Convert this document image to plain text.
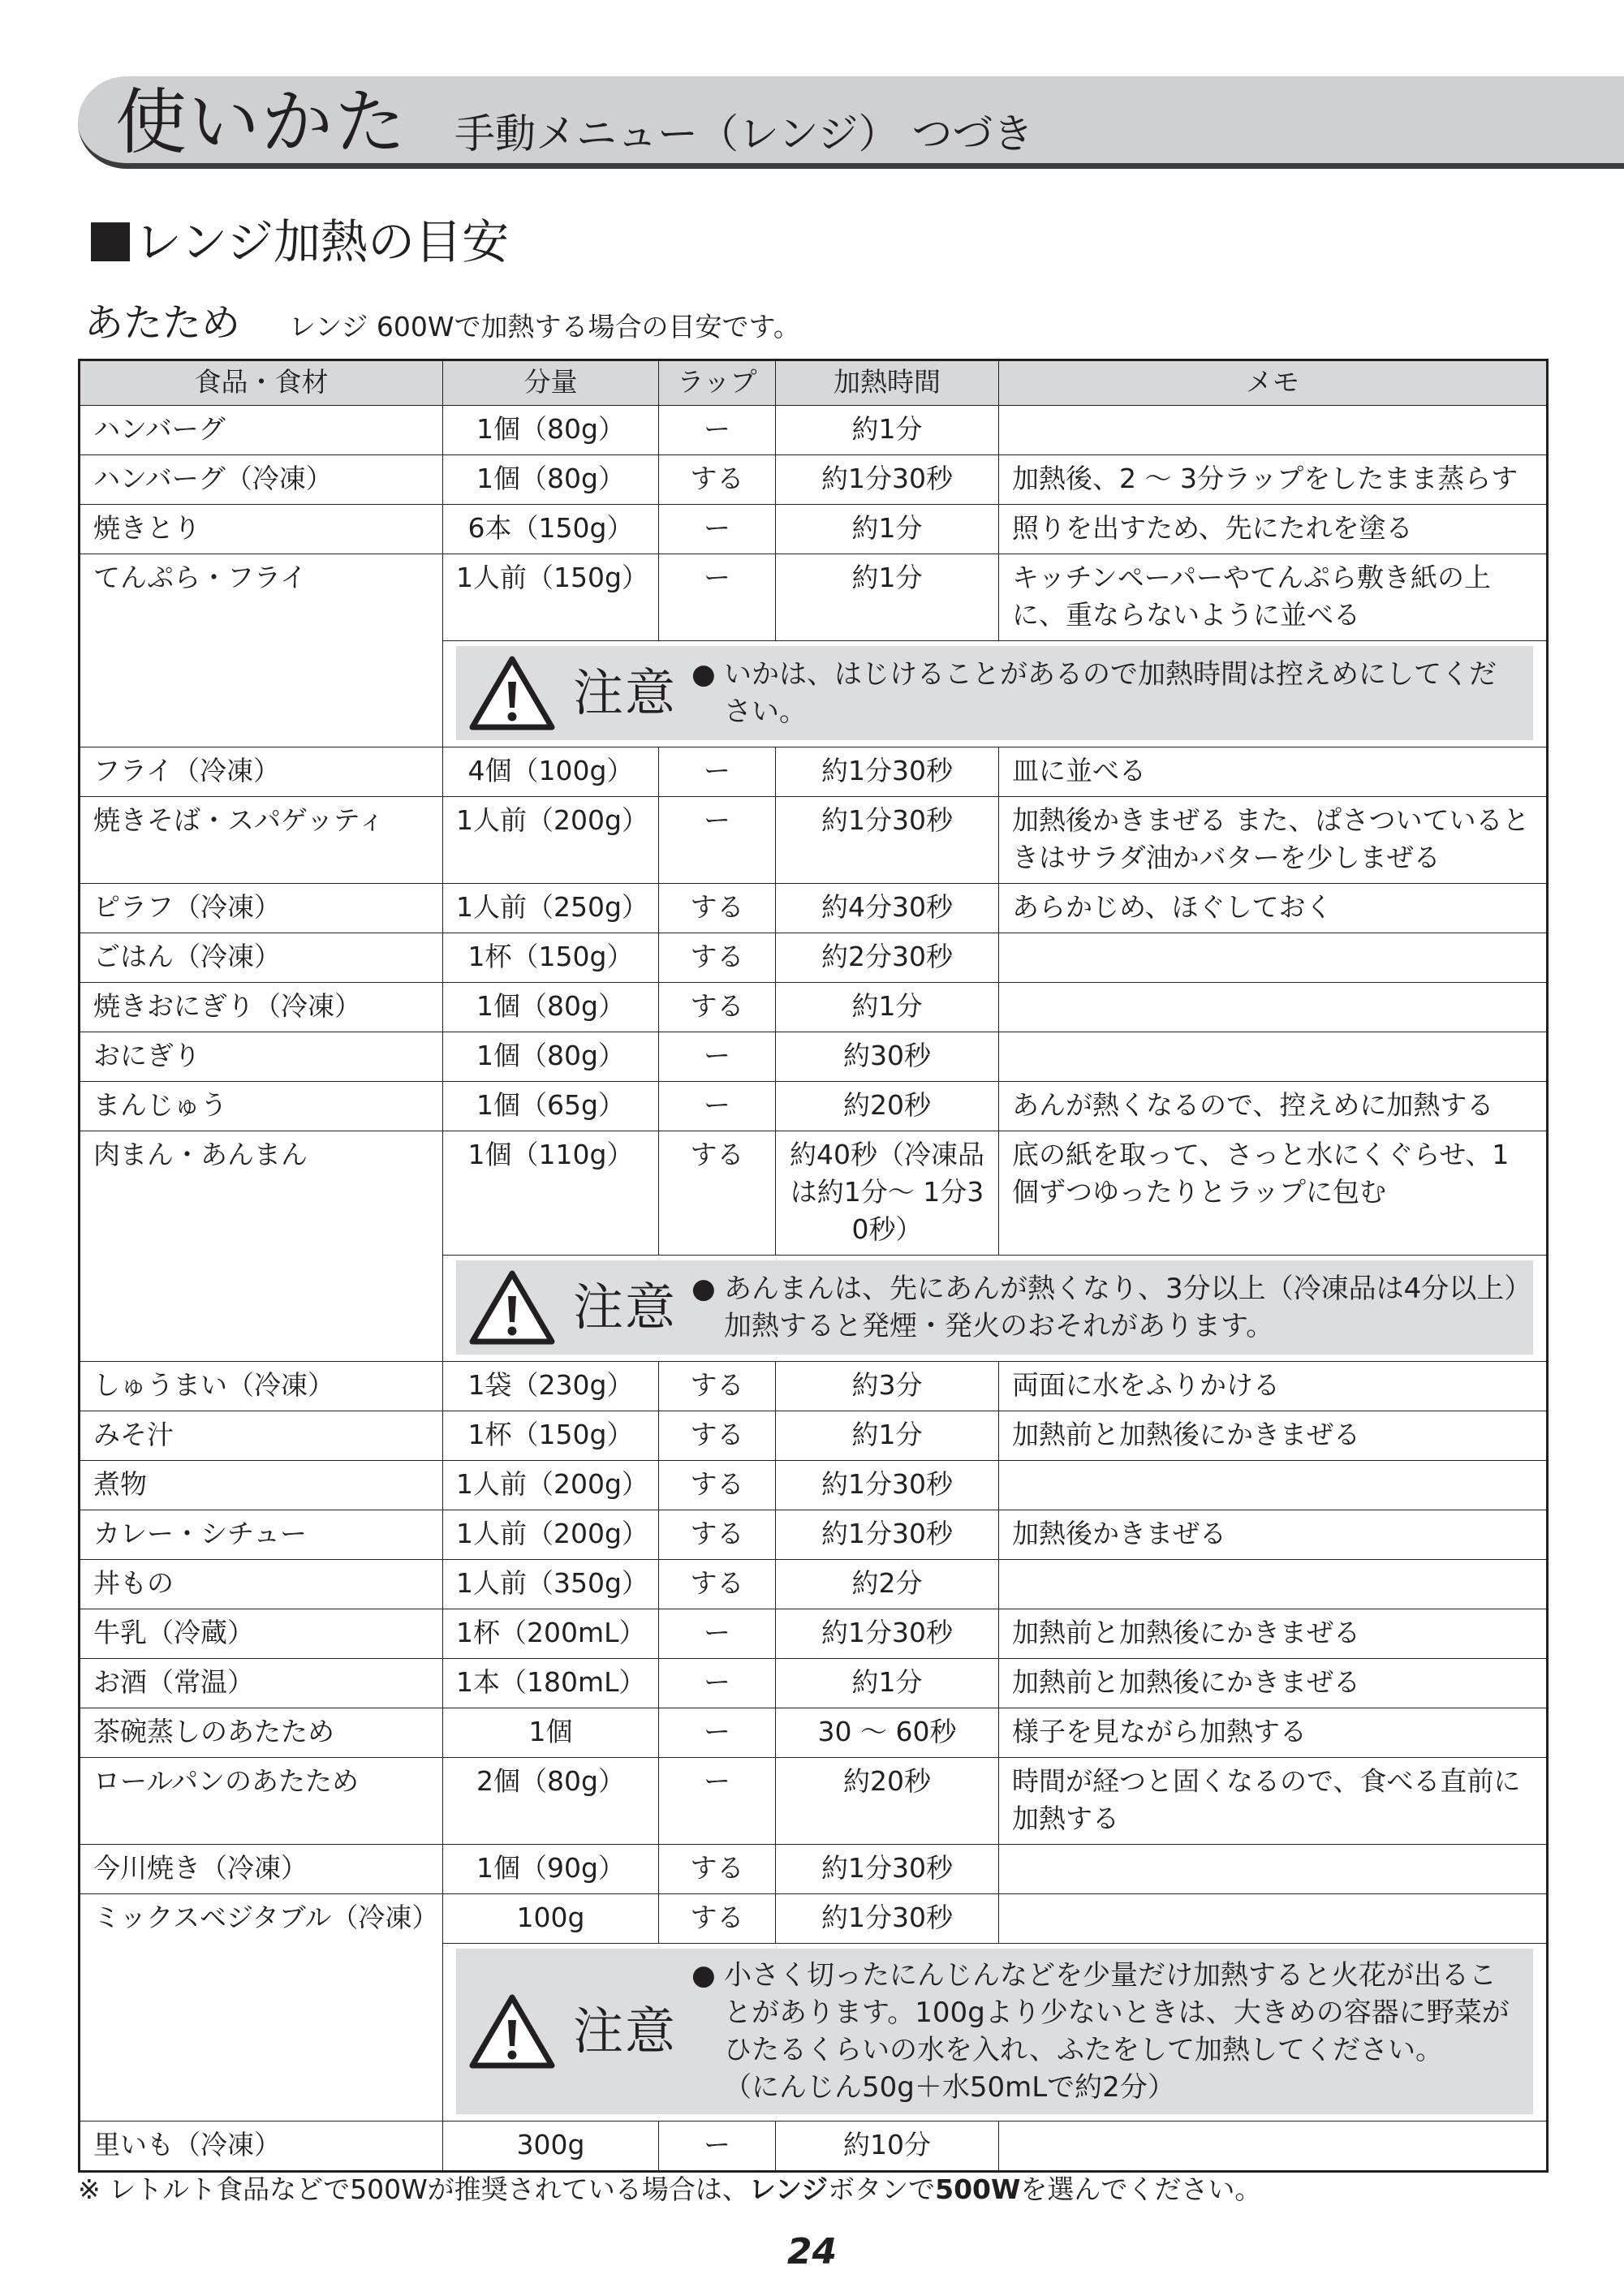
使いかた 手動メニュー（レンジ） つづき
レンジ加熱の目安
あたため レンジ 600Wで加熱する場合の目安です。
食品・食材	分量	ラップ	加熱時間	メモ
ハンバーグ	1個（80g）	ー	約1分	
ハンバーグ（冷凍）	1個（80g）	する	約1分30秒	加熱後、2 ～ 3分ラップをしたまま蒸らす
焼きとり	6本（150g）	ー	約1分	照りを出すため、先にたれを塗る
てんぷら・フライ	1人前（150g）	ー	約1分	キッチンペーパーやてんぷら敷き紙の上に、重ならないように並べる

	注意 ● いかは、はじけることがあるので加熱時間は控えめにしてください。			

フライ（冷凍）	4個（100g）	ー	約1分30秒	皿に並べる
焼きそば・スパゲッティ	1人前（200g）	ー	約1分30秒	加熱後かきまぜる また、ぱさついているときはサラダ油かバターを少しまぜる
ピラフ（冷凍）	1人前（250g）	する	約4分30秒	あらかじめ、ほぐしておく
ごはん（冷凍）	1杯（150g）	する	約2分30秒	
焼きおにぎり（冷凍）	1個（80g）	する	約1分	
おにぎり	1個（80g）	ー	約30秒	
まんじゅう	1個（65g）	ー	約20秒	あんが熱くなるので、控えめに加熱する
肉まん・あんまん	1個（110g）	する	約40秒（冷凍品は約1分～ 1分30秒）	底の紙を取って、さっと水にくぐらせ、1個ずつゆったりとラップに包む

	注意 ● あんまんは、先にあんが熱くなり、3分以上（冷凍品は4分以上）加熱すると発煙・発火のおそれがあります。			

しゅうまい（冷凍）	1袋（230g）	する	約3分	両面に水をふりかける
みそ汁	1杯（150g）	する	約1分	加熱前と加熱後にかきまぜる
煮物	1人前（200g）	する	約1分30秒	
カレー・シチュー	1人前（200g）	する	約1分30秒	加熱後かきまぜる
丼もの	1人前（350g）	する	約2分	
牛乳（冷蔵）	1杯（200mL）	ー	約1分30秒	加熱前と加熱後にかきまぜる
お酒（常温）	1本（180mL）	ー	約1分	加熱前と加熱後にかきまぜる
茶碗蒸しのあたため	1個	ー	30 ～ 60秒	様子を見ながら加熱する
ロールパンのあたため	2個（80g）	ー	約20秒	時間が経つと固くなるので、食べる直前に加熱する
今川焼き（冷凍）	1個（90g）	する	約1分30秒	
ミックスベジタブル（冷凍）	100g	する	約1分30秒	

	注意
● 小さく切ったにんじんなどを少量だけ加熱すると火花が出ることがあります。100gより少ないときは、大きめの容器に野菜がひたるくらいの水を入れ、ふたをして加熱してください。
（にんじん50g＋水50mLで約2分）			

里いも（冷凍）	300g	ー	約10分	
※ レトルト食品などで500Wが推奨されている場合は、レンジボタンで500Wを選んでください。
24
